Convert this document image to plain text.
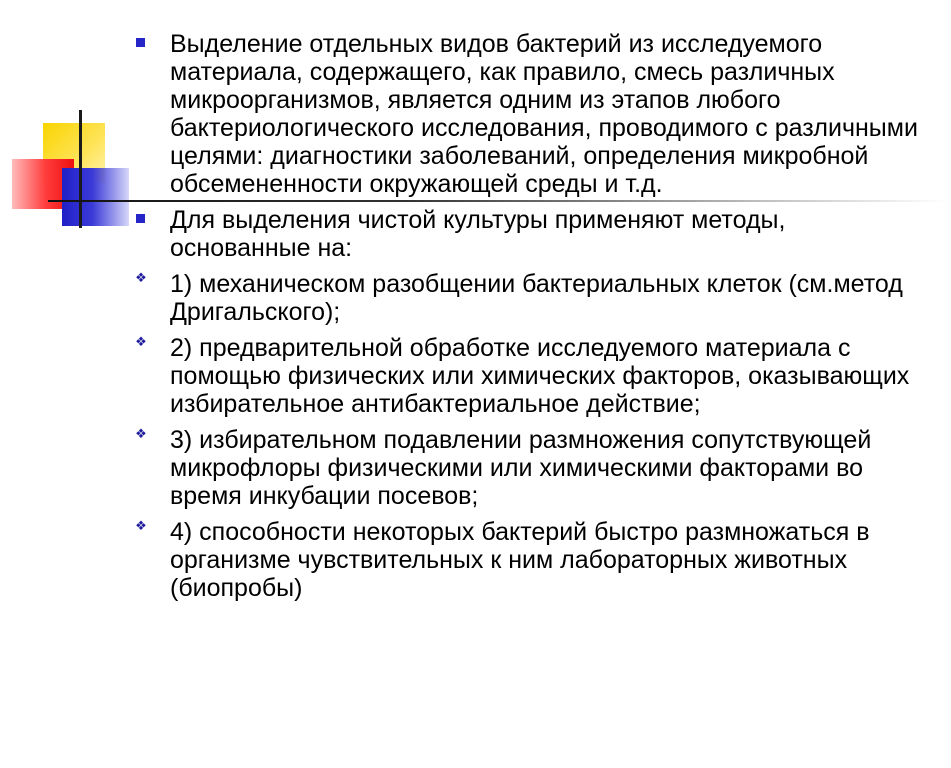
Выделение отдельных видов бактерий из исследуемого материала, содержащего, как правило, смесь различных микроорганизмов, является одним из этапов любого бактериологического исследования, проводимого с различными целями: диагностики заболеваний, определения микробной обсемененности окружающей среды и т.д.
Для выделения чистой культуры применяют методы, основанные на:
❖ 1) механическом разобщении бактериальных клеток (см.метод Дригальского);
❖ 2) предварительной обработке исследуемого материала с помощью физических или химических факторов, оказывающих избирательное антибактериальное действие;
❖ 3) избирательном подавлении размножения сопутствующей микрофлоры физическими или химическими факторами во время инкубации посевов;
❖ 4) способности некоторых бактерий быстро размножаться в организме чувствительных к ним лабораторных животных (биопробы)
